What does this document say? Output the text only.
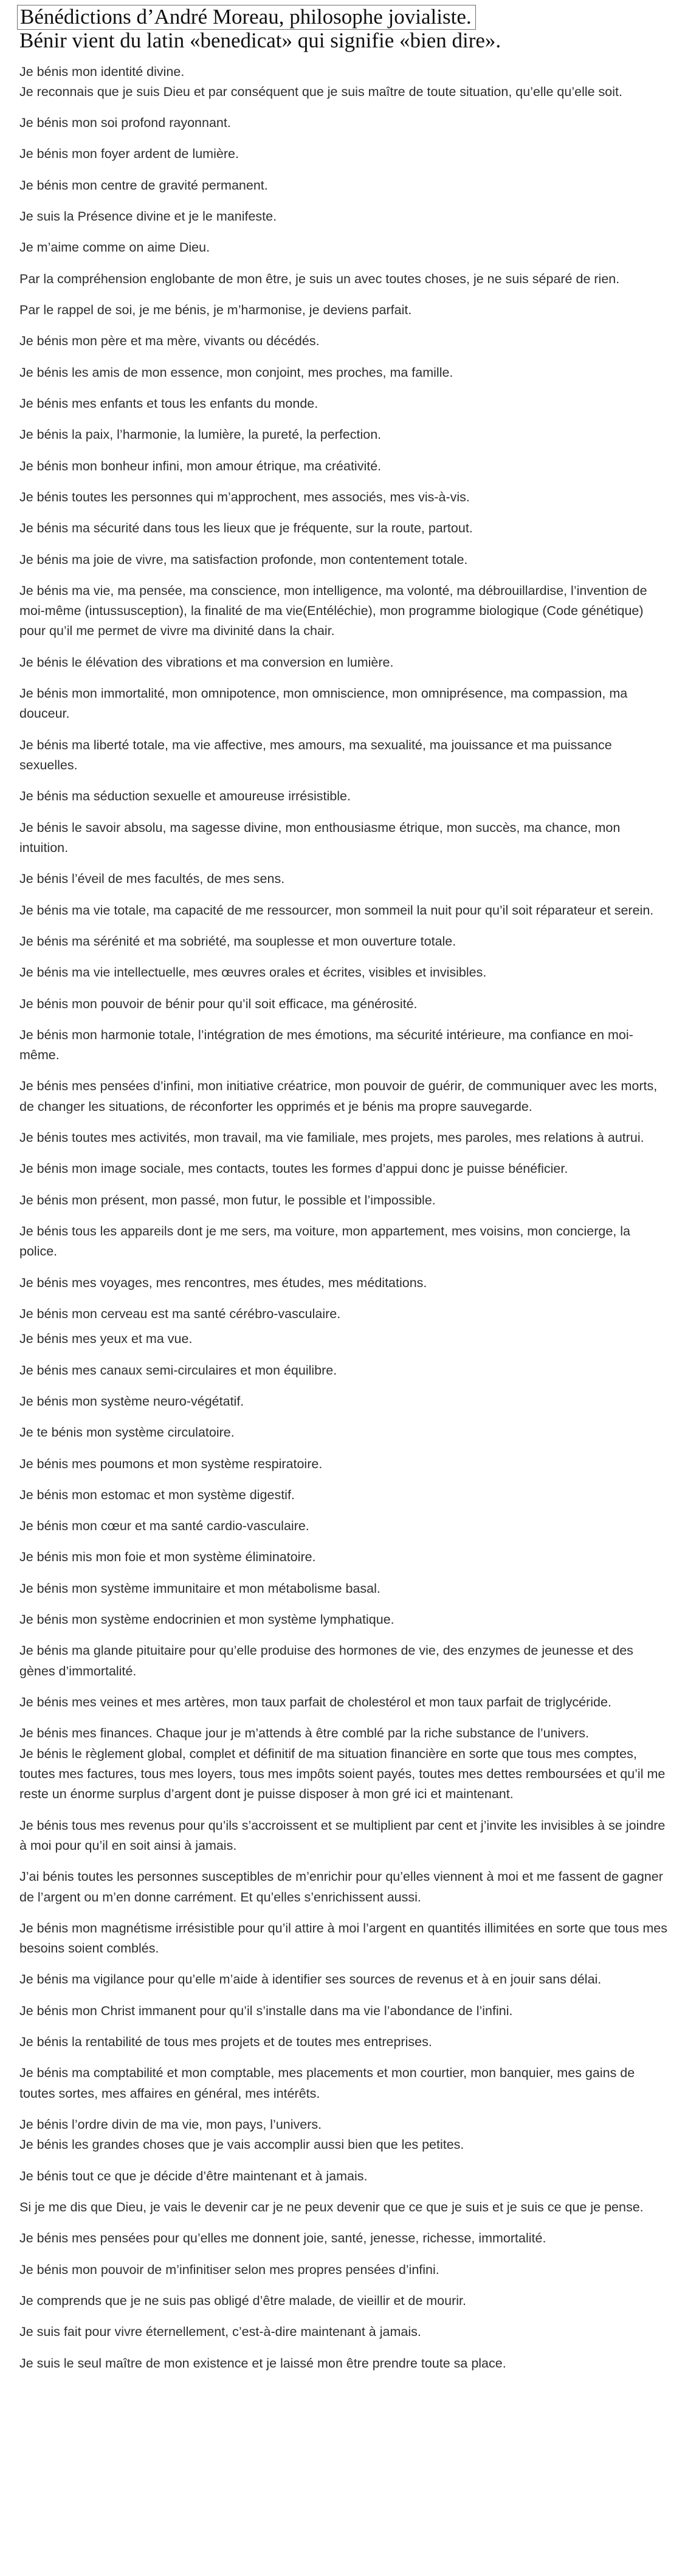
Bénédictions d’André Moreau, philosophe jovialiste.
Bénir vient du latin «benedicat» qui signifie «bien dire».

Je bénis mon identité divine.
Je reconnais que je suis Dieu et par conséquent que je suis maître de toute situation, qu’elle qu’elle soit.

Je bénis mon soi profond rayonnant.

Je bénis mon foyer ardent de lumière.

Je bénis mon centre de gravité permanent.

Je suis la Présence divine et je le manifeste.

Je m’aime comme on aime Dieu.

Par la compréhension englobante de mon être, je suis un avec toutes choses, je ne suis séparé de rien.

Par le rappel de soi, je me bénis, je m’harmonise, je deviens parfait.

Je bénis mon père et ma mère, vivants ou décédés.

Je bénis les amis de mon essence, mon conjoint, mes proches, ma famille.

Je bénis mes enfants et tous les enfants du monde.

Je bénis la paix, l’harmonie, la lumière, la pureté, la perfection.

Je bénis mon bonheur infini, mon amour étrique, ma créativité.

Je bénis toutes les personnes qui m’approchent, mes associés, mes vis-à-vis.

Je bénis ma sécurité dans tous les lieux que je fréquente, sur la route, partout.

Je bénis ma joie de vivre, ma satisfaction profonde, mon contentement totale.

Je bénis ma vie, ma pensée, ma conscience, mon intelligence, ma volonté, ma débrouillardise, l’invention de moi-même (intussusception), la finalité de ma vie(Entéléchie), mon programme biologique (Code génétique) pour qu’il me permet de vivre ma divinité dans la chair.

Je bénis le élévation des vibrations et ma conversion en lumière.

Je bénis mon immortalité, mon omnipotence, mon omniscience, mon omniprésence, ma compassion, ma douceur.

Je bénis ma liberté totale, ma vie affective, mes amours, ma sexualité, ma jouissance et ma puissance sexuelles.

Je bénis ma séduction sexuelle et amoureuse irrésistible.

Je bénis le savoir absolu, ma sagesse divine, mon enthousiasme étrique, mon succès, ma chance, mon intuition.

Je bénis l’éveil de mes facultés, de mes sens.

Je bénis ma vie totale, ma capacité de me ressourcer, mon sommeil la nuit pour qu’il soit réparateur et serein.

Je bénis ma sérénité et ma sobriété, ma souplesse et mon ouverture totale.

Je bénis ma vie intellectuelle, mes œuvres orales et écrites, visibles et invisibles.

Je bénis mon pouvoir de bénir pour qu’il soit efficace, ma générosité.

Je bénis mon harmonie totale, l’intégration de mes émotions, ma sécurité intérieure, ma confiance en moi-même.

Je bénis mes pensées d’infini, mon initiative créatrice, mon pouvoir de guérir, de communiquer avec les morts, de changer les situations, de réconforter les opprimés et je bénis ma propre sauvegarde.

Je bénis toutes mes activités, mon travail, ma vie familiale, mes projets, mes paroles, mes relations à autrui.

Je bénis mon image sociale, mes contacts, toutes les formes d’appui donc je puisse bénéficier.

Je bénis mon présent, mon passé, mon futur, le possible et l’impossible.

Je bénis tous les appareils dont je me sers, ma voiture, mon appartement, mes voisins, mon concierge, la police.

Je bénis mes voyages, mes rencontres, mes études, mes méditations.

Je bénis mon cerveau est ma santé cérébro-vasculaire.

Je bénis mes yeux et ma vue.

Je bénis mes canaux semi-circulaires et mon équilibre.

Je bénis mon système neuro-végétatif.

Je te bénis mon système circulatoire.

Je bénis mes poumons et mon système respiratoire.

Je bénis mon estomac et mon système digestif.

Je bénis mon cœur et ma santé cardio-vasculaire.

Je bénis mis mon foie et mon système éliminatoire.

Je bénis mon système immunitaire et mon métabolisme basal.

Je bénis mon système endocrinien et mon système lymphatique.

Je bénis ma glande pituitaire pour qu’elle produise des hormones de vie, des enzymes de jeunesse et des gènes d’immortalité.

Je bénis mes veines et mes artères, mon taux parfait de cholestérol et mon taux parfait de triglycéride.

Je bénis mes finances. Chaque jour je m’attends à être comblé par la riche substance de l’univers.
Je bénis le règlement global, complet et définitif de ma situation financière en sorte que tous mes comptes, toutes mes factures, tous mes loyers, tous mes impôts soient payés, toutes mes dettes remboursées et qu’il me reste un énorme surplus d’argent dont je puisse disposer à mon gré ici et maintenant.

Je bénis tous mes revenus pour qu’ils s’accroissent et se multiplient par cent et j’invite les invisibles à se joindre à moi pour qu’il en soit ainsi à jamais.

J’ai bénis toutes les personnes susceptibles de m’enrichir pour qu’elles viennent à moi et me fassent de gagner de l’argent ou m’en donne carrément. Et qu’elles s’enrichissent aussi.

Je bénis mon magnétisme irrésistible pour qu’il attire à moi l’argent en quantités illimitées en sorte que tous mes besoins soient comblés.

Je bénis ma vigilance pour qu’elle m’aide à identifier ses sources de revenus et à en jouir sans délai.

Je bénis mon Christ immanent pour qu’il s’installe dans ma vie l’abondance de l’infini.

Je bénis la rentabilité de tous mes projets et de toutes mes entreprises.

Je bénis ma comptabilité et mon comptable, mes placements et mon courtier, mon banquier, mes gains de toutes sortes, mes affaires en général, mes intérêts.

Je bénis l’ordre divin de ma vie, mon pays, l’univers.
Je bénis les grandes choses que je vais accomplir aussi bien que les petites.

Je bénis tout ce que je décide d’être maintenant et à jamais.

Si je me dis que Dieu, je vais le devenir car je ne peux devenir que ce que je suis et je suis ce que je pense.

Je bénis mes pensées pour qu’elles me donnent joie, santé, jenesse, richesse, immortalité.

Je bénis mon pouvoir de m’infinitiser selon mes propres pensées d’infini.

Je comprends que je ne suis pas obligé d’être malade, de vieillir et de mourir.

Je suis fait pour vivre éternellement, c’est-à-dire maintenant à jamais.

Je suis le seul maître de mon existence et je laissé mon être prendre toute sa place.
